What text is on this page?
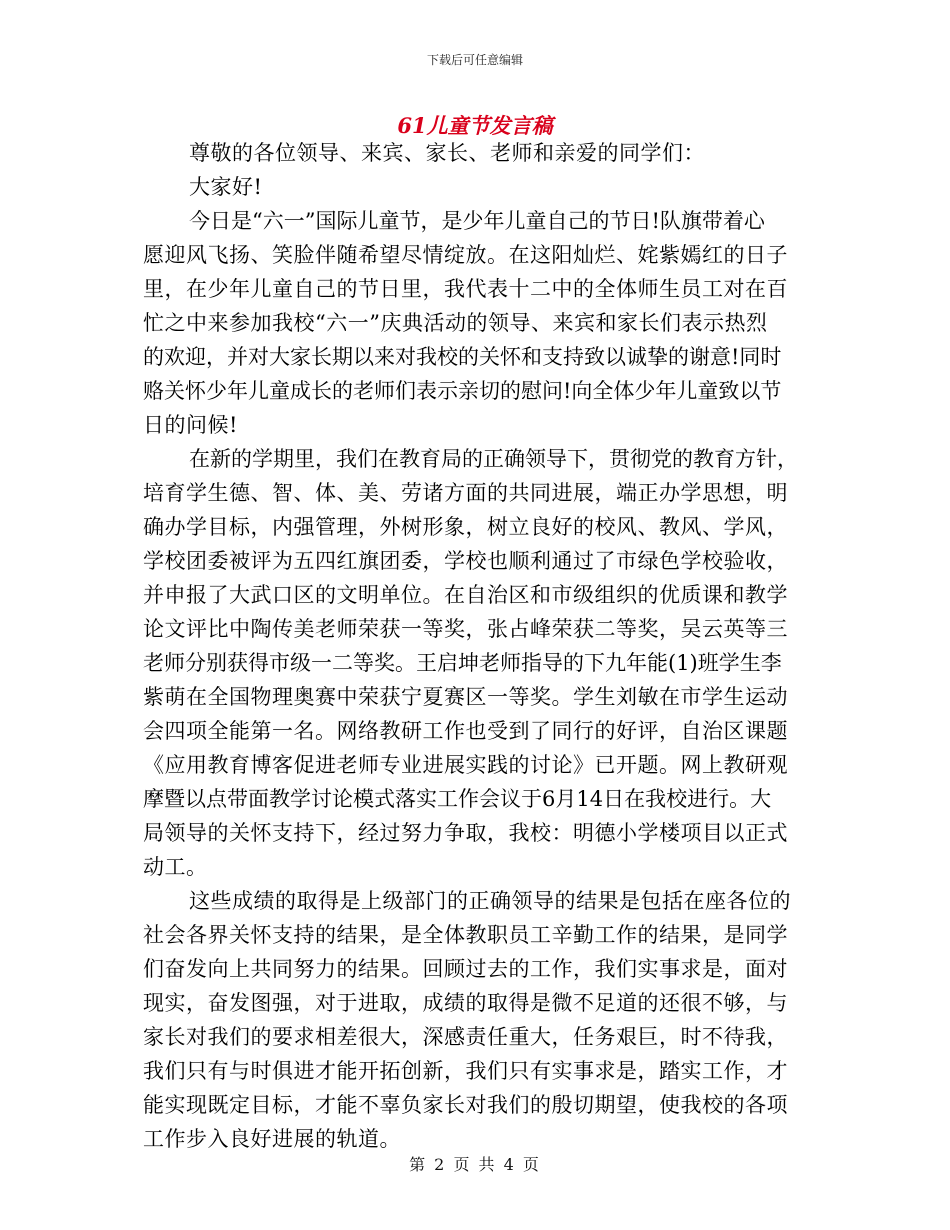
下载后可任意编辑
61儿童节发言稿
尊敬的各位领导、来宾、家长、老师和亲爱的同学们：
大家好!
今日是“六一”国际儿童节，是少年儿童自己的节日!队旗带着心
愿迎风飞扬、笑脸伴随希望尽情绽放。在这阳灿烂、姹紫嫣红的日子
里，在少年儿童自己的节日里，我代表十二中的全体师生员工对在百
忙之中来参加我校“六一”庆典活动的领导、来宾和家长们表示热烈
的欢迎，并对大家长期以来对我校的关怀和支持致以诚挚的谢意!同时
赂关怀少年儿童成长的老师们表示亲切的慰问!向全体少年儿童致以节
日的问候!
在新的学期里，我们在教育局的正确领导下，贯彻党的教育方针，
培育学生德、智、体、美、劳诸方面的共同进展，端正办学思想，明
确办学目标，内强管理，外树形象，树立良好的校风、教风、学风，
学校团委被评为五四红旗团委，学校也顺利通过了市绿色学校验收，
并申报了大武口区的文明单位。在自治区和市级组织的优质课和教学
论文评比中陶传美老师荣获一等奖，张占峰荣获二等奖，吴云英等三
老师分别获得市级一二等奖。王启坤老师指导的下九年能(1)班学生李
紫萌在全国物理奥赛中荣获宁夏赛区一等奖。学生刘敏在市学生运动
会四项全能第一名。网络教研工作也受到了同行的好评，自治区课题
《应用教育博客促进老师专业进展实践的讨论》已开题。网上教研观
摩暨以点带面教学讨论模式落实工作会议于6月14日在我校进行。大
局领导的关怀支持下，经过努力争取，我校：明德小学楼项目以正式
动工。
这些成绩的取得是上级部门的正确领导的结果是包括在座各位的
社会各界关怀支持的结果，是全体教职员工辛勤工作的结果，是同学
们奋发向上共同努力的结果。回顾过去的工作，我们实事求是，面对
现实，奋发图强，对于进取，成绩的取得是微不足道的还很不够，与
家长对我们的要求相差很大，深感责任重大，任务艰巨，时不待我，
我们只有与时俱进才能开拓创新，我们只有实事求是，踏实工作，才
能实现既定目标，才能不辜负家长对我们的殷切期望，使我校的各项
工作步入良好进展的轨道。
第 2 页 共 4 页
